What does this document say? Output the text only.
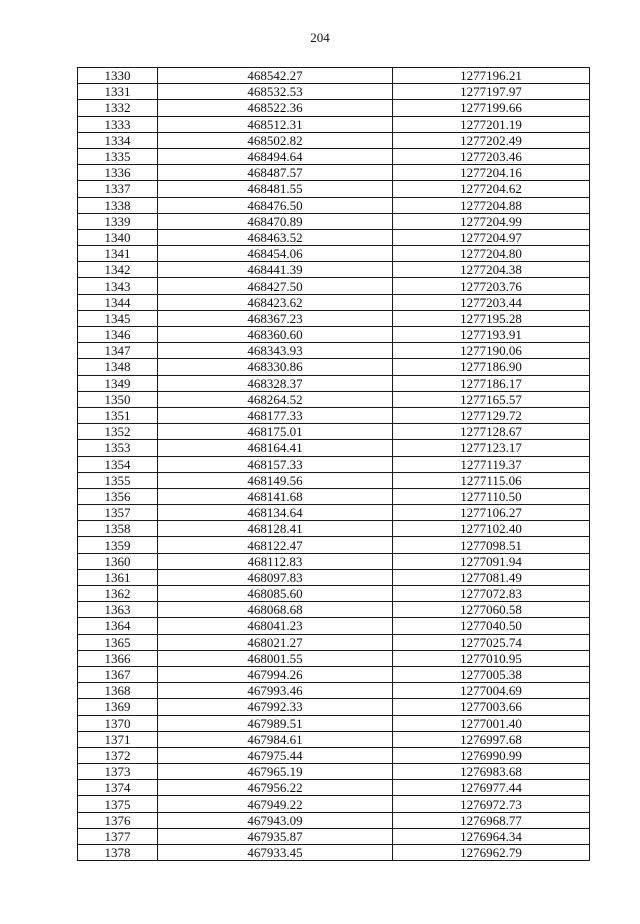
204
1330	468542.27	1277196.21
1331	468532.53	1277197.97
1332	468522.36	1277199.66
1333	468512.31	1277201.19
1334	468502.82	1277202.49
1335	468494.64	1277203.46
1336	468487.57	1277204.16
1337	468481.55	1277204.62
1338	468476.50	1277204.88
1339	468470.89	1277204.99
1340	468463.52	1277204.97
1341	468454.06	1277204.80
1342	468441.39	1277204.38
1343	468427.50	1277203.76
1344	468423.62	1277203.44
1345	468367.23	1277195.28
1346	468360.60	1277193.91
1347	468343.93	1277190.06
1348	468330.86	1277186.90
1349	468328.37	1277186.17
1350	468264.52	1277165.57
1351	468177.33	1277129.72
1352	468175.01	1277128.67
1353	468164.41	1277123.17
1354	468157.33	1277119.37
1355	468149.56	1277115.06
1356	468141.68	1277110.50
1357	468134.64	1277106.27
1358	468128.41	1277102.40
1359	468122.47	1277098.51
1360	468112.83	1277091.94
1361	468097.83	1277081.49
1362	468085.60	1277072.83
1363	468068.68	1277060.58
1364	468041.23	1277040.50
1365	468021.27	1277025.74
1366	468001.55	1277010.95
1367	467994.26	1277005.38
1368	467993.46	1277004.69
1369	467992.33	1277003.66
1370	467989.51	1277001.40
1371	467984.61	1276997.68
1372	467975.44	1276990.99
1373	467965.19	1276983.68
1374	467956.22	1276977.44
1375	467949.22	1276972.73
1376	467943.09	1276968.77
1377	467935.87	1276964.34
1378	467933.45	1276962.79
